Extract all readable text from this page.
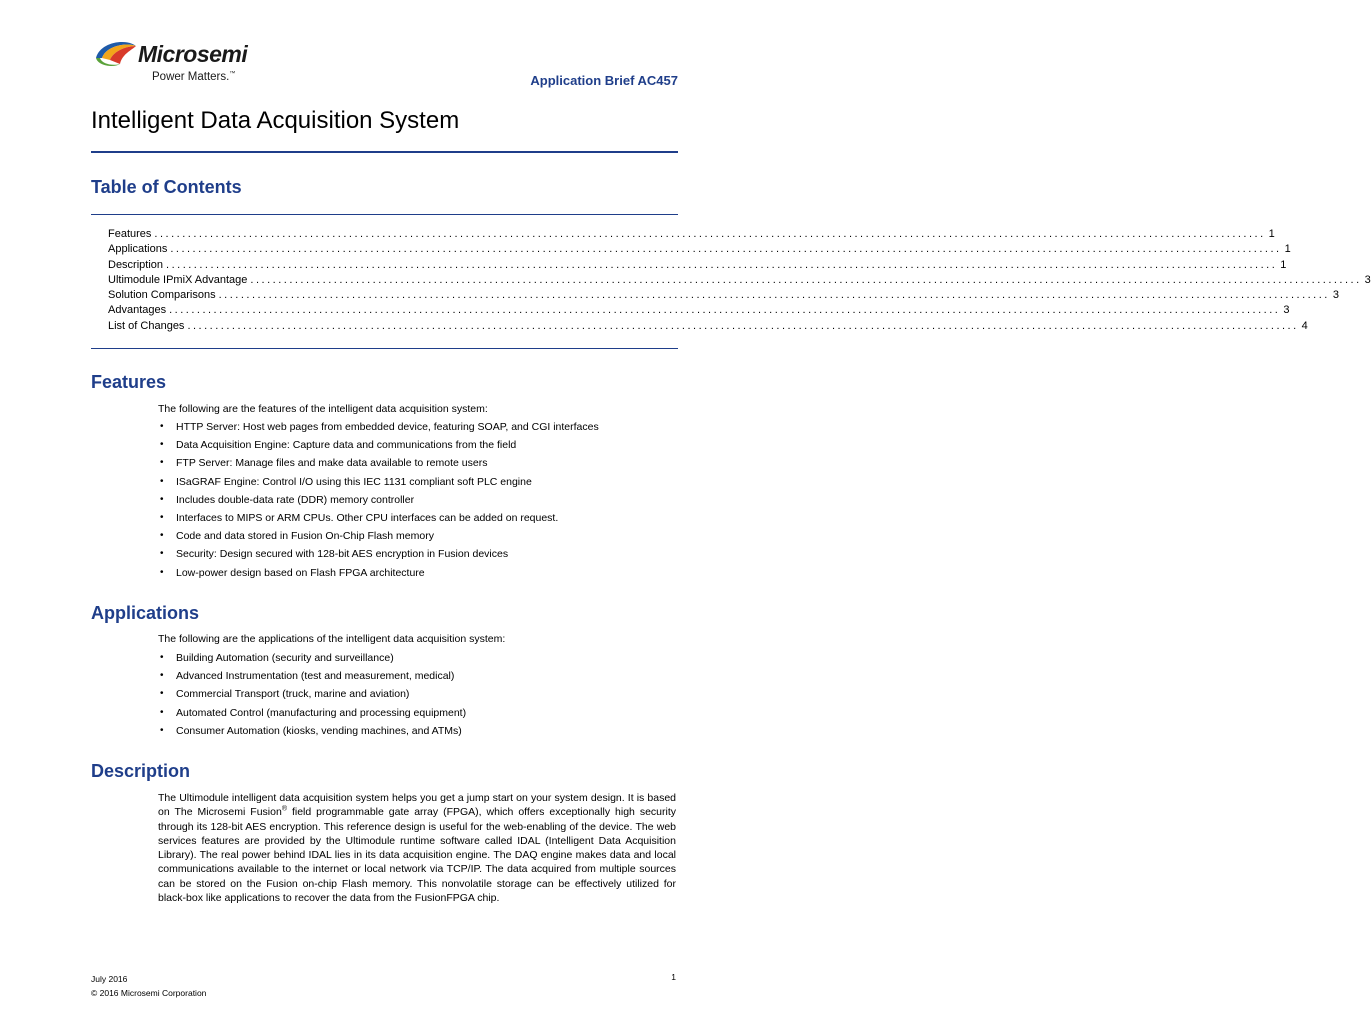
Microsemi
Power Matters.™	Application Brief AC457
Intelligent Data Acquisition System
Table of Contents
Features ........................................................................................................................................................................................................ 1
Applications ........................................................................................................................................................................................................ 1
Description ........................................................................................................................................................................................................ 1
Ultimodule IPmiX Advantage ........................................................................................................................................................................................................ 3
Solution Comparisons ........................................................................................................................................................................................................ 3
Advantages ........................................................................................................................................................................................................ 3
List of Changes ........................................................................................................................................................................................................ 4
Features

The following are the features of the intelligent data acquisition system:

• HTTP Server: Host web pages from embedded device, featuring SOAP, and CGI interfaces
• Data Acquisition Engine: Capture data and communications from the field
• FTP Server: Manage files and make data available to remote users
• ISaGRAF Engine: Control I/O using this IEC 1131 compliant soft PLC engine
• Includes double-data rate (DDR) memory controller
• Interfaces to MIPS or ARM CPUs. Other CPU interfaces can be added on request.
• Code and data stored in Fusion On-Chip Flash memory
• Security: Design secured with 128-bit AES encryption in Fusion devices
• Low-power design based on Flash FPGA architecture
Applications

The following are the applications of the intelligent data acquisition system:

• Building Automation (security and surveillance)
• Advanced Instrumentation (test and measurement, medical)
• Commercial Transport (truck, marine and aviation)
• Automated Control (manufacturing and processing equipment)
• Consumer Automation (kiosks, vending machines, and ATMs)
Description

The Ultimodule intelligent data acquisition system helps you get a jump start on your system design. It is based on The Microsemi Fusion® field programmable gate array (FPGA), which offers exceptionally high security through its 128-bit AES encryption. This reference design is useful for the web-enabling of the device. The web services features are provided by the Ultimodule runtime software called IDAL (Intelligent Data Acquisition Library). The real power behind IDAL lies in its data acquisition engine. The DAQ engine makes data and local communications available to the internet or local network via TCP/IP. The data acquired from multiple sources can be stored on the Fusion on-chip Flash memory. This nonvolatile storage can be effectively utilized for black-box like applications to recover the data from the FusionFPGA chip.

July 2016
© 2016 Microsemi Corporation
1
